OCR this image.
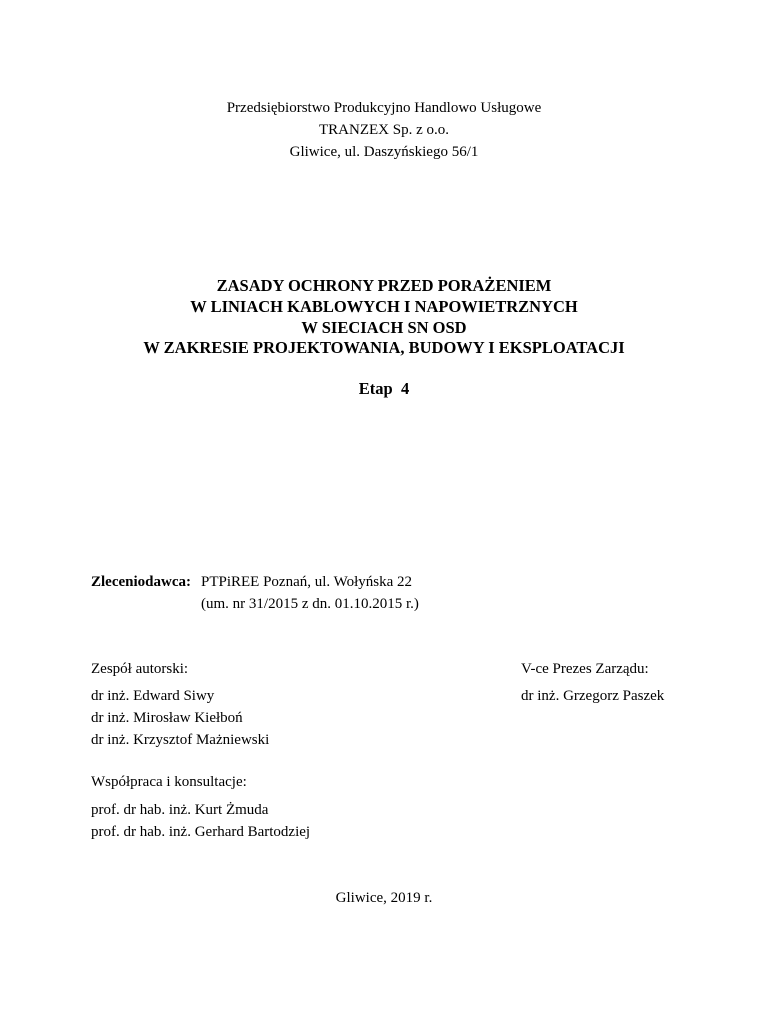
Przedsiębiorstwo Produkcyjno Handlowo Usługowe
TRANZEX Sp. z o.o.
Gliwice, ul. Daszyńskiego 56/1
ZASADY OCHRONY PRZED PORAŻENIEM
W LINIACH KABLOWYCH I NAPOWIETRZNYCH
W SIECIACH SN OSD
W ZAKRESIE PROJEKTOWANIA, BUDOWY I EKSPLOATACJI
Etap  4
Zleceniodawca: PTPiREE Poznań, ul. Wołyńska 22
(um. nr 31/2015 z dn. 01.10.2015 r.)
Zespół autorski:
dr inż. Edward Siwy
dr inż. Mirosław Kiełboń
dr inż. Krzysztof Mażniewski
V-ce Prezes Zarządu:
dr inż. Grzegorz Paszek
Współpraca i konsultacje:
prof. dr hab. inż. Kurt Żmuda
prof. dr hab. inż. Gerhard Bartodziej
Gliwice, 2019 r.
